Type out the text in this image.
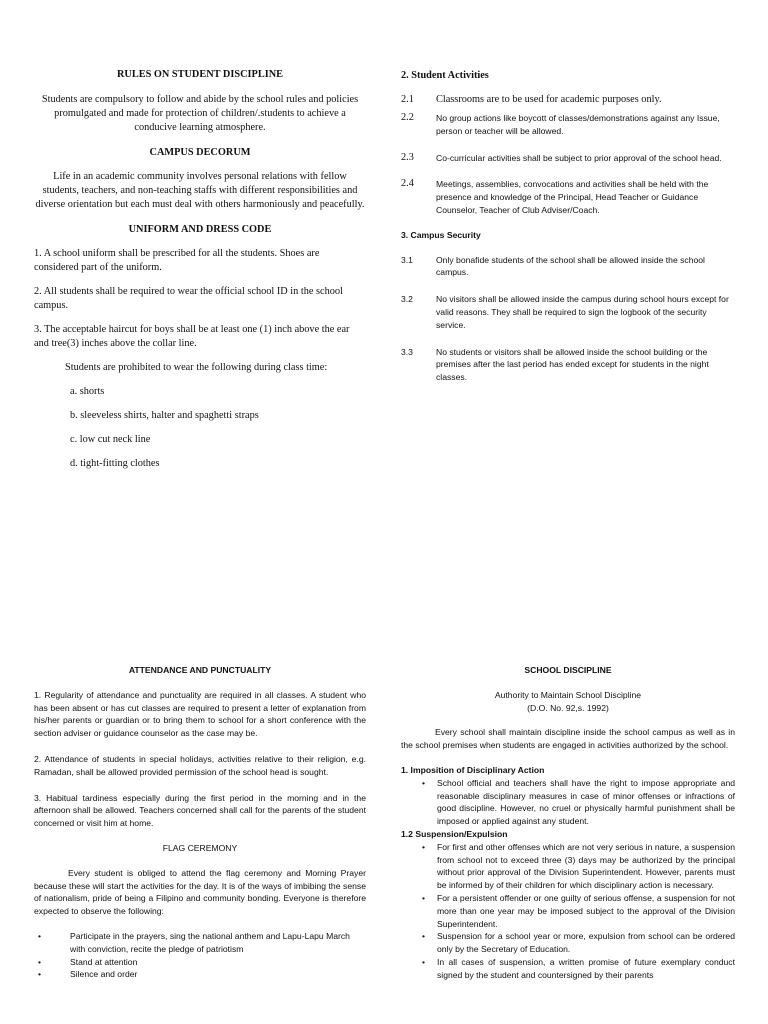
RULES ON STUDENT DISCIPLINE

Students are compulsory to follow and abide by the school rules and policies promulgated and made for protection of children/.students to achieve a conducive learning atmosphere.

CAMPUS DECORUM

Life in an academic community involves personal relations with fellow students, teachers, and non-teaching staffs with different responsibilities and diverse orientation but each must deal with others harmoniously and peacefully.

UNIFORM AND DRESS CODE

1. A school uniform shall be prescribed for all the students. Shoes are considered part of the uniform.

2. All students shall be required to wear the official school ID in the school campus.

3. The acceptable haircut for boys shall be at least one (1) inch above the ear and tree(3) inches above the collar line.

Students are prohibited to wear the following during class time:

a. shorts

b. sleeveless shirts, halter and spaghetti straps

c. low cut neck line

d. tight-fitting clothes

2. Student Activities

2.1	Classrooms are to be used for academic purposes only.
2.2	No group actions like boycott of classes/demonstrations against any Issue, person or teacher will be allowed.
2.3	Co-curricular activities shall be subject to prior approval of the school head.
2.4	Meetings, assemblies, convocations and activities shall be held with the presence and knowledge of the Principal, Head Teacher or Guidance Counselor, Teacher of Club Adviser/Coach.

3. Campus Security

3.1	Only bonafide students of the school shall be allowed inside the school campus.
3.2	No visitors shall be allowed inside the campus during school hours except for valid reasons. They shall be required to sign the logbook of the security service.
3.3	No students or visitors shall be allowed inside the school building or the premises after the last period has ended except for students in the night classes.

ATTENDANCE AND PUNCTUALITY

1. Regularity of attendance and punctuality are required in all classes. A student who has been absent or has cut classes are required to present a letter of explanation from his/her parents or guardian or to bring them to school for a short conference with the section adviser or guidance counselor as the case may be.

2. Attendance of students in special holidays, activities relative to their religion, e.g. Ramadan, shall be allowed provided permission of the school head is sought.

3. Habitual tardiness especially during the first period in the morning and in the afternoon shall be allowed. Teachers concerned shall call for the parents of the student concerned or visit him at home.

FLAG CEREMONY

Every student is obliged to attend the flag ceremony and Morning Prayer because these will start the activities for the day. It is of the ways of imbibing the sense of nationalism, pride of being a Filipino and community bonding. Everyone is therefore expected to observe the following:

• Participate in the prayers, sing the national anthem and Lapu-Lapu March with conviction, recite the pledge of patriotism
• Stand at attention
• Silence and order

SCHOOL DISCIPLINE

Authority to Maintain School Discipline

(D.O. No. 92,s. 1992)

Every school shall maintain discipline inside the school campus as well as in the school premises when students are engaged in activities authorized by the school.

1. Imposition of Disciplinary Action

• School official and teachers shall have the right to impose appropriate and reasonable disciplinary measures in case of minor offenses or infractions of good discipline. However, no cruel or physically harmful punishment shall be imposed or applied against any student.

1.2 Suspension/Expulsion

• For first and other offenses which are not very serious in nature, a suspension from school not to exceed three (3) days may be authorized by the principal without prior approval of the Division Superintendent. However, parents must be informed by of their children for which disciplinary action is necessary.
• For a persistent offender or one guilty of serious offense, a suspension for not more than one year may be imposed subject to the approval of the Division Superintendent.
• Suspension for a school year or more, expulsion from school can be ordered only by the Secretary of Education.
• In all cases of suspension, a written promise of future exemplary conduct signed by the student and countersigned by their parents
